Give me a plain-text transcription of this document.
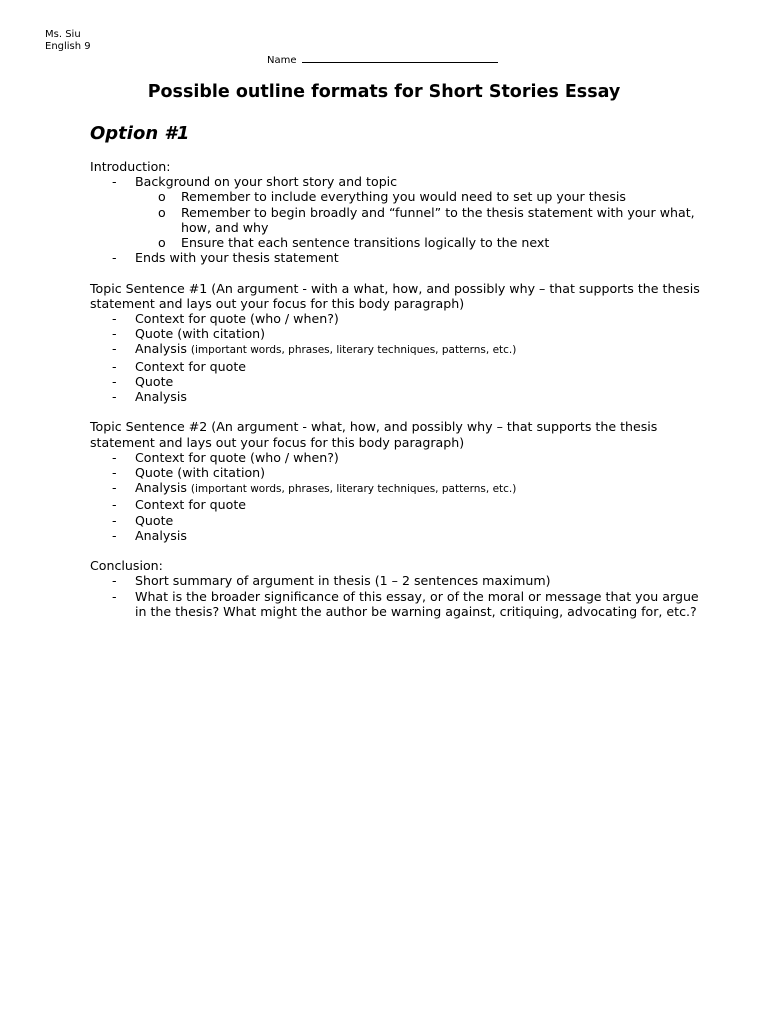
Ms. Siu
English 9
Name
Possible outline formats for Short Stories Essay
Option #1
Introduction:
- Background on your short story and topic
o Remember to include everything you would need to set up your thesis
o Remember to begin broadly and “funnel” to the thesis statement with your what, how, and why
o Ensure that each sentence transitions logically to the next
- Ends with your thesis statement
Topic Sentence #1 (An argument - with a what, how, and possibly why – that supports the thesis statement and lays out your focus for this body paragraph)
- Context for quote (who / when?)
- Quote (with citation)
- Analysis (important words, phrases, literary techniques, patterns, etc.)
- Context for quote
- Quote
- Analysis
Topic Sentence #2 (An argument - what, how, and possibly why – that supports the thesis statement and lays out your focus for this body paragraph)
- Context for quote (who / when?)
- Quote (with citation)
- Analysis (important words, phrases, literary techniques, patterns, etc.)
- Context for quote
- Quote
- Analysis
Conclusion:
- Short summary of argument in thesis (1 – 2 sentences maximum)
- What is the broader significance of this essay, or of the moral or message that you argue in the thesis? What might the author be warning against, critiquing, advocating for, etc.?
